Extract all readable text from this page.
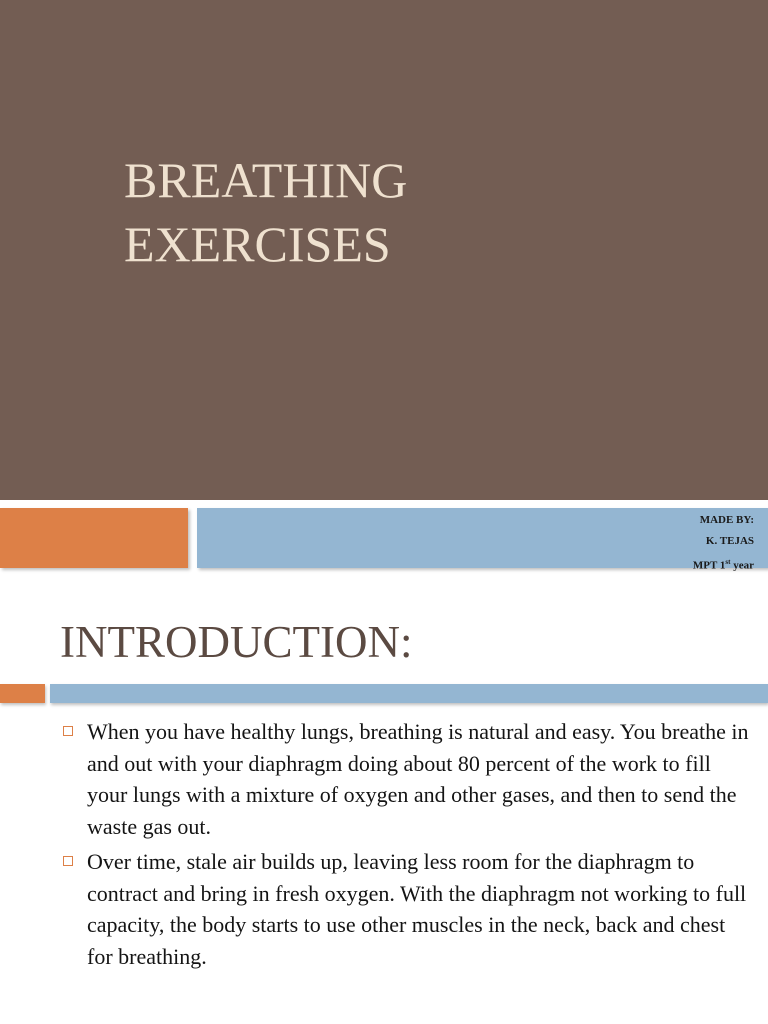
BREATHING
EXERCISES
MADE BY:
K. TEJAS
MPT 1st year
INTRODUCTION:
When you have healthy lungs, breathing is natural and easy. You breathe in and out with your diaphragm doing about 80 percent of the work to fill your lungs with a mixture of oxygen and other gases, and then to send the waste gas out.
Over time, stale air builds up, leaving less room for the diaphragm to contract and bring in fresh oxygen. With the diaphragm not working to full capacity, the body starts to use other muscles in the neck, back and chest for breathing.
